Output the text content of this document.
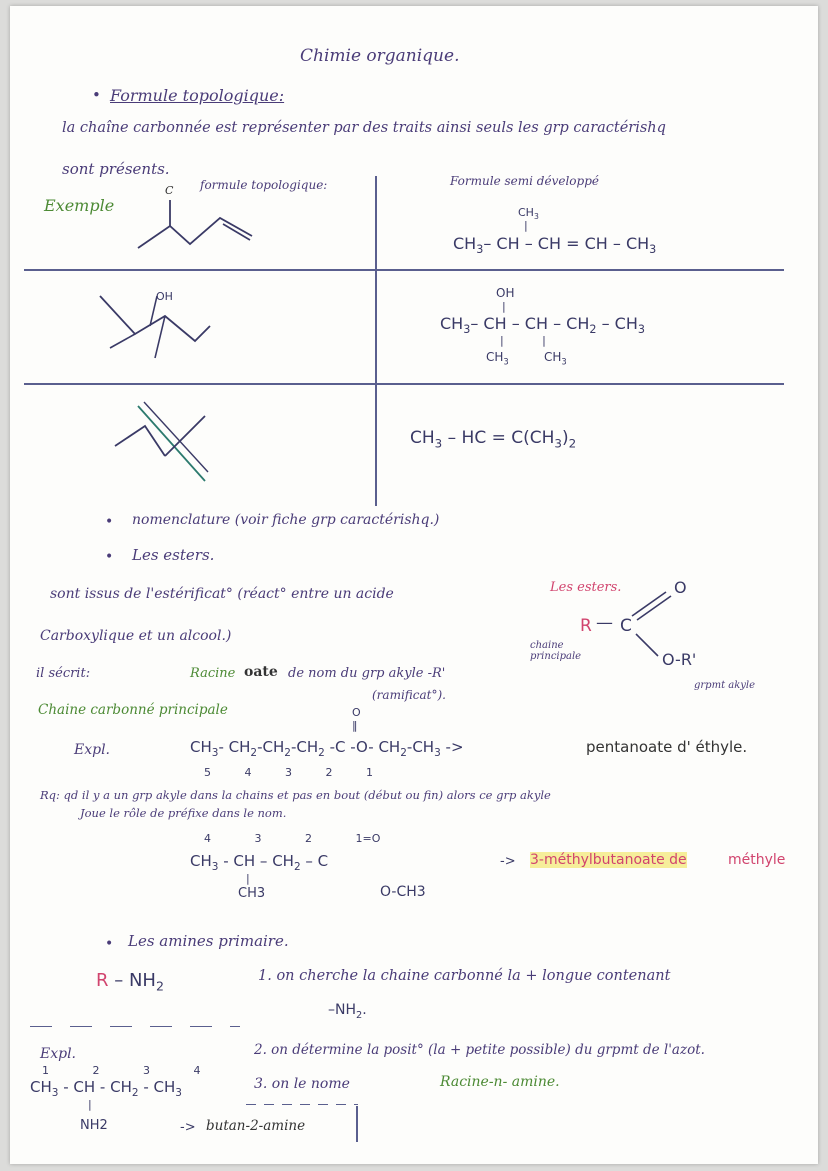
Chimie organique.
• Formule topologique:
la chaîne carbonnée est représenter par des traits ainsi seuls les grp caractérishq
sont présents.
Exemple
formule topologique:	Formule semi développé
C
$CH_3$
|
$CH_3-$ CH – CH = CH – $CH_3$
OH	OH
|
$CH_3-$ CH – CH – $CH_2 - CH_3$
|           |
$CH_3$	$CH_3$
$CH_3$ – HC = $C(CH_3)_2$
• nomenclature (voir fiche grp caractérishq.)
• Les esters.
sont issus de l'estérificat° (réact° entre un acide
Carboxylique et un alcool.)
il sécrit:	Racine oate de nom du grp akyle -R'
(ramificat°).
Chaine carbonné principale
Les esters.
R — C
O
O-R'
chaine principale
grpmt akyle
Expl.
O
‖
$CH_3-$ $CH_2-CH_2-CH_2$ -C -O- $CH_2-CH_3$ ->
5 4 3 2 1
pentanoate d' éthyle.
Rq: qd il y a un grp akyle dans la chains et pas en bout (début ou fin) alors ce grp akyle
Joue le rôle de préfixe dans le nom.
4 3 2 1=O
$CH_3$ - CH – $CH_2$ – C
|
CH3	O-CH3
-> 3-méthylbutanoate de	méthyle
• Les amines primaire.
R – $NH_2$
1. on cherche la chaine carbonné la + longue contenant
$-NH_2$.
2. on détermine la posit° (la + petite possible) du grpmt de l'azot.
3. on le nome	Racine-n- amine.
Expl.
1 2 3 4
$CH_3$ - CH - $CH_2 - CH_3$
|
NH2	-> butan-2-amine
